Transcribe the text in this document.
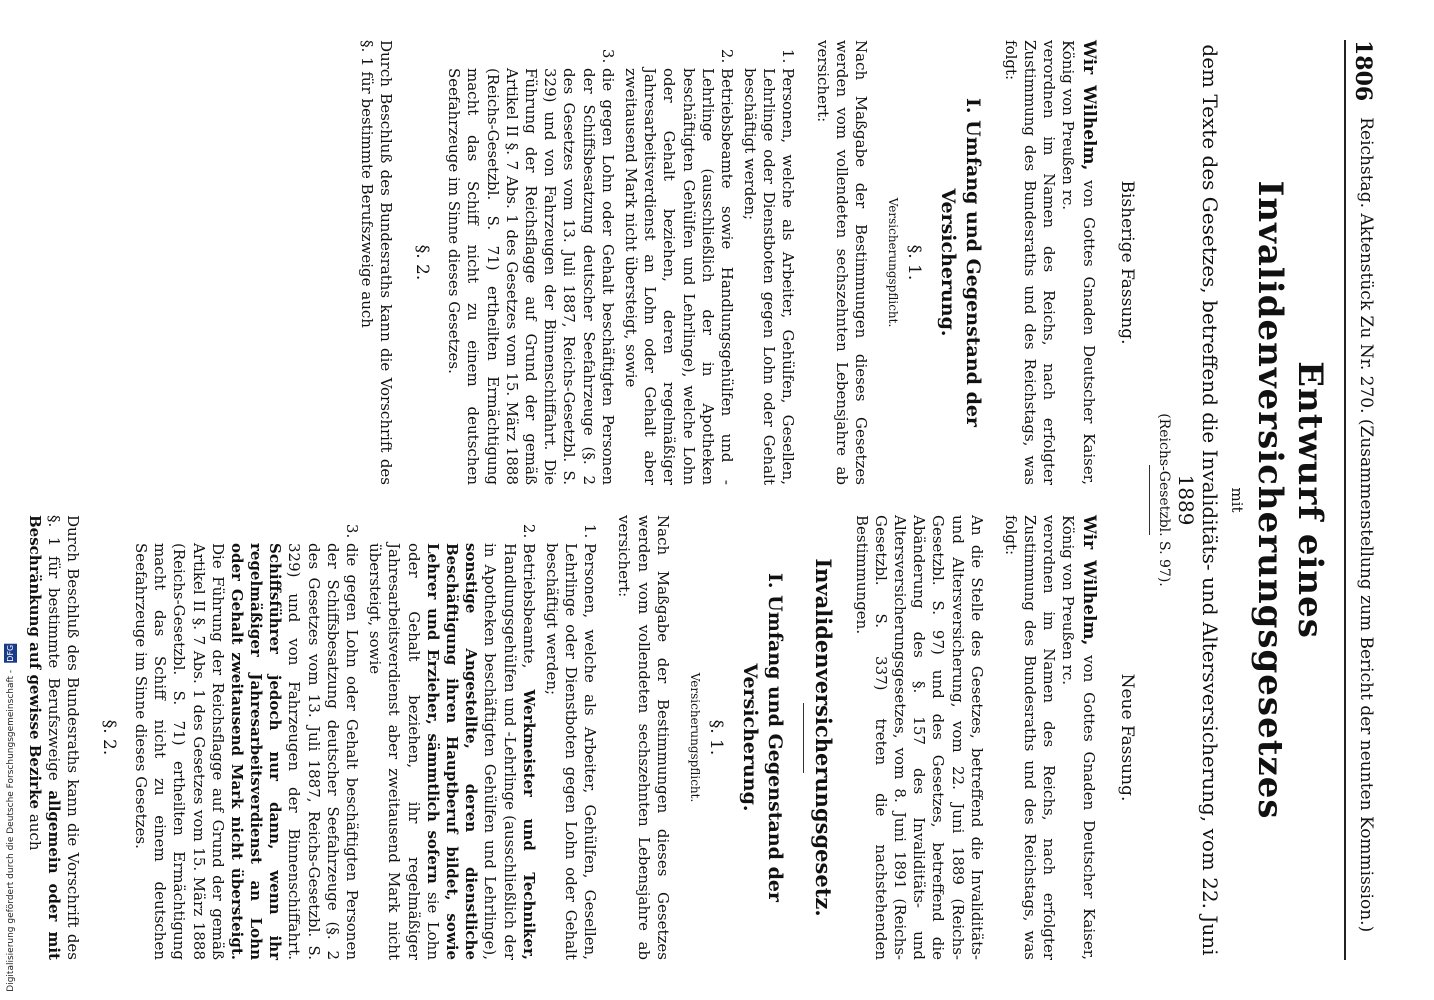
1806
Reichstag. Aktenstück Zu Nr. 270. (Zusammenstellung zum Bericht der neunten Kommission.)
Entwurf eines Invalidenversicherungsgesetzes
mit
dem Texte des Gesetzes, betreffend die Invaliditäts- und Altersversicherung, vom 22. Juni 1889
(Reichs-Gesetzbl. S. 97).
Bisherige Fassung.

Wir Wilhelm, von Gottes Gnaden Deutscher Kaiser, König von Preußen rc.
verordnen im Namen des Reichs, nach erfolgter Zustimmung des Bundesraths und des Reichstags, was folgt:

I. Umfang und Gegenstand der Versicherung.
§. 1.
Versicherungspflicht.

Nach Maßgabe der Bestimmungen dieses Gesetzes werden vom vollendeten sechszehnten Lebensjahre ab versichert:

1. Personen, welche als Arbeiter, Gehülfen, Gesellen, Lehrlinge oder Dienstboten gegen Lohn oder Gehalt beschäftigt werden;
2. Betriebsbeamte sowie Handlungsgehülfen und -Lehrlinge (ausschließlich der in Apotheken beschäftigten Gehülfen und Lehrlinge), welche Lohn oder Gehalt beziehen, deren regelmäßiger Jahresarbeitsverdienst an Lohn oder Gehalt aber zweitausend Mark nicht übersteigt, sowie
3. die gegen Lohn oder Gehalt beschäftigten Personen der Schiffsbesatzung deutscher Seefahrzeuge (§. 2 des Gesetzes vom 13. Juli 1887, Reichs-Gesetzbl. S. 329) und von Fahrzeugen der Binnenschiffahrt. Die Führung der Reichsflagge auf Grund der gemäß Artikel II §. 7 Abs. 1 des Gesetzes vom 15. März 1888 (Reichs-Gesetzbl. S. 71) ertheilten Ermächtigung macht das Schiff nicht zu einem deutschen Seefahrzeuge im Sinne dieses Gesetzes.
§. 2.

Durch Beschluß des Bundesraths kann die Vorschrift des §. 1 für bestimmte Berufszweige auch

Neue Fassung.

Wir Wilhelm, von Gottes Gnaden Deutscher Kaiser, König von Preußen rc.
verordnen im Namen des Reichs, nach erfolgter Zustimmung des Bundesraths und des Reichstags, was folgt:

An die Stelle des Gesetzes, betreffend die Invaliditäts- und Altersversicherung, vom 22. Juni 1889 (Reichs-Gesetzbl. S. 97) und des Gesetzes, betreffend die Abänderung des §. 157 des Invaliditäts- und Altersversicherungsgesetzes, vom 8. Juni 1891 (Reichs-Gesetzbl. S. 337) treten die nachstehenden Bestimmungen.

Invalidenversicherungsgesetz.
I. Umfang und Gegenstand der Versicherung.
§. 1.
Versicherungspflicht.

Nach Maßgabe der Bestimmungen dieses Gesetzes werden vom vollendeten sechszehnten Lebensjahre ab versichert:

1. Personen, welche als Arbeiter, Gehülfen, Gesellen, Lehrlinge oder Dienstboten gegen Lohn oder Gehalt beschäftigt werden;
2. Betriebsbeamte, Werkmeister und Techniker, Handlungsgehülfen und -Lehrlinge (ausschließlich der in Apotheken beschäftigten Gehülfen und Lehrlinge), sonstige Angestellte, deren dienstliche Beschäftigung ihren Hauptberuf bildet, sowie Lehrer und Erzieher, sämmtlich sofern sie Lohn oder Gehalt beziehen, ihr regelmäßiger Jahresarbeitsverdienst aber zweitausend Mark nicht übersteigt, sowie
3. die gegen Lohn oder Gehalt beschäftigten Personen der Schiffsbesatzung deutscher Seefahrzeuge (§. 2 des Gesetzes vom 13. Juli 1887, Reichs-Gesetzbl. S. 329) und von Fahrzeugen der Binnenschiffahrt. Schiffsführer jedoch nur dann, wenn ihr regelmäßiger Jahresarbeitsverdienst an Lohn oder Gehalt zweitausend Mark nicht übersteigt. Die Führung der Reichsflagge auf Grund der gemäß Artikel II §. 7 Abs. 1 des Gesetzes vom 15. März 1888 (Reichs-Gesetzbl. S. 71) ertheilten Ermächtigung macht das Schiff nicht zu einem deutschen Seefahrzeuge im Sinne dieses Gesetzes.
§. 2.

Durch Beschluß des Bundesraths kann die Vorschrift des §. 1 für bestimmte Berufszweige allgemein oder mit Beschränkung auf gewisse Bezirke auch

Digitalisierung gefördert durch die Deutsche Forschungsgemeinschaft - DFG
